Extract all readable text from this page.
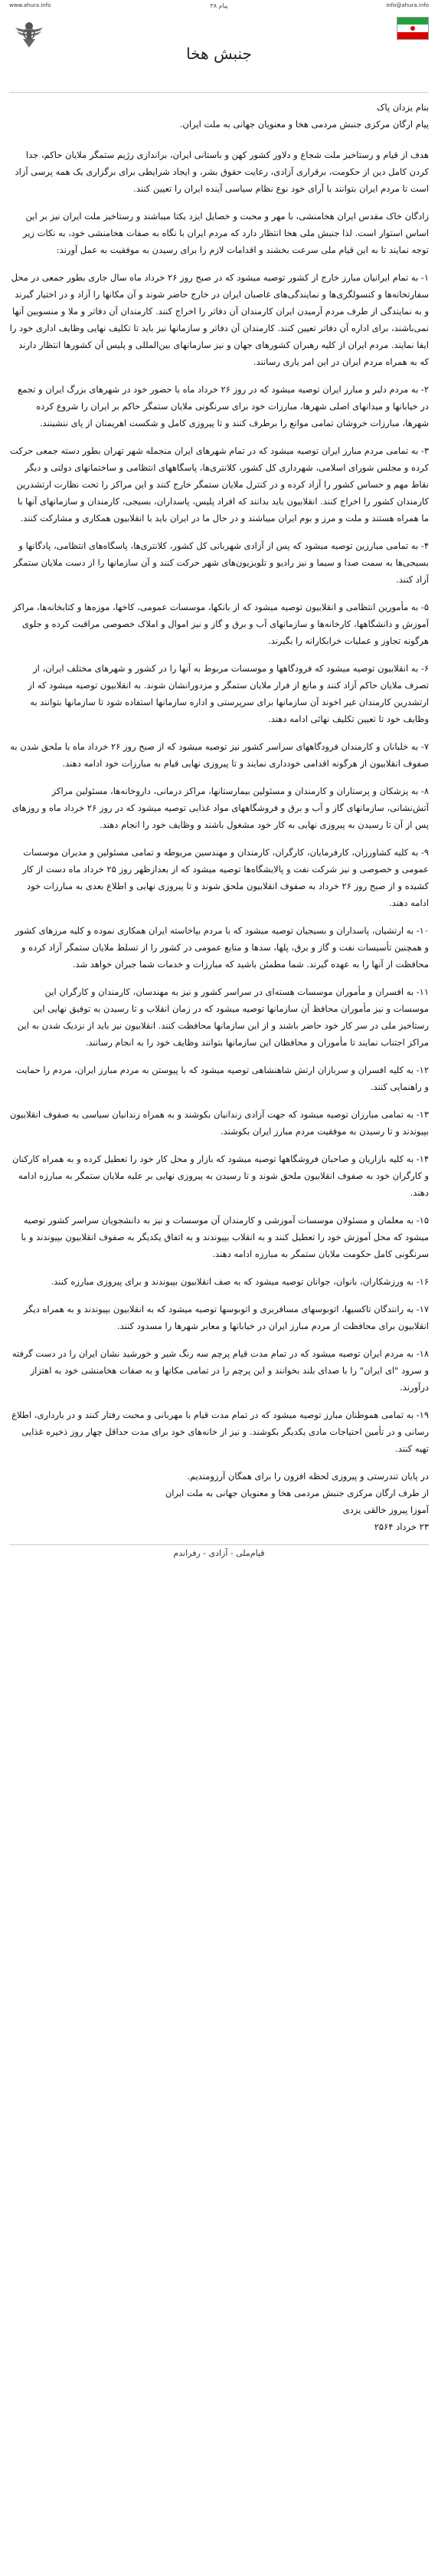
www.ahura.info	پیام ۳۸	info@ahura.info
جنبش هخا

بنام یزدان پاک

پیام ارگان مرکزی جنبش مردمی هخا و معنویان جهانی به ملت ایران.

هدف از قیام و رستاخیز ملت شجاع و دلاور کشور کهن و باستانی ایران، براندازی رژیم ستمگر ملایان حاکم، جدا کردن کامل دین از حکومت، برقراری آزادی، رعایت حقوق بشر، و ایجاد شرایطی برای برگزاری یک همه پرسی آزاد است تا مردم ایران بتوانند با آرای خود نوع نظام سیاسی آینده ایران را تعیین کنند.

زادگان خاک مقدس ایران هخامنشی، با مهر و محبت و خصایل ایزد یکتا میباشند و رستاخیز ملت ایران نیز بر این اساس استوار است. لذا جنبش ملی هخا انتظار دارد که مردم ایران با نگاه به صفات هخامنشی خود، به نکات زیر توجه نمایند تا به این قیام ملی سرعت بخشند و اقدامات لازم را برای رسیدن به موفقیت به عمل آورند:

۱- به تمام ایرانیان مبارز خارج از کشور توصیه میشود که در صبح روز ۲۶ خرداد ماه سال جاری بطور جمعی در محل سفارتخانه‌ها و کنسولگری‌ها و نمایندگی‌های غاصبان ایران در خارج حاضر شوند و آن مکانها را آزاد و در اختیار گیرند و به نمایندگی از طرف مردم آرمیدن ایران کارمندان آن دفاتر را اخراج کنند. کارمندان آن دفاتر و ملا و منسوبین آنها نمی‌باشند، برای اداره آن دفاتر تعیین کنند. کارمندان آن دفاتر و سازمانها نیز باید تا تکلیف نهایی وظایف اداری خود را ایفا نمایند. مردم ایران از کلیه رهبران کشورهای جهان و نیز سازمانهای بین‌المللی و پلیس آن کشورها انتظار دارند که به همراه مردم ایران در این امر یاری رسانند.

۲- به مردم دلیر و مبارز ایران توصیه میشود که در روز ۲۶ خرداد ماه با حضور خود در شهرهای بزرگ ایران و تجمع در خیابانها و میدانهای اصلی شهرها، مبارزات خود برای سرنگونی ملایان ستمگر حاکم بر ایران را شروع کرده شهرها، مبارزات خروشان تمامی موانع را برطرف کنند و تا پیروزی کامل و شکست اهریمنان از پای ننشینند.

۳- به تمامی مردم مبارز ایران توصیه میشود که در تمام شهرهای ایران منجمله شهر تهران بطور دسته جمعی حرکت کرده و مجلس شورای اسلامی، شهرداری کل کشور، کلانتری‌ها، پاسگاههای انتظامی و ساختمانهای دولتی و دیگر نقاط مهم و حساس کشور را آزاد کرده و در کنترل ملایان ستمگر خارج کنند و این مراکز را تحت نظارت ارتشدرین کارمندان کشور را اخراج کنند. انقلابیون باید بدانند که افراد پلیس، پاسداران، بسیجی، کارمندان و سازمانهای آنها با ما همراه هستند و ملت و مرز و بوم ایران میباشند و در حال ما در ایران باید با انقلابیون همکاری و مشارکت کنند.

۴- به تمامی مبارزین توصیه میشود که پس از آزادی شهربانی کل کشور، کلانتری‌ها، پاسگاه‌های انتظامی، پادگانها و بسیجی‌ها به سمت صدا و سیما و نیز راديو و تلويزيون‌های شهر حرکت کنند و آن سازمانها را از دست ملایان ستمگر آزاد کنند.

۵- به مأمورین انتظامی و انقلابیون توصیه میشود که از بانکها، موسسات عمومی، کاخها، موزه‌ها و کتابخانه‌ها، مراکز آموزش و دانشگاهها، کارخانه‌ها و سازمانهای آب و برق و گاز و نیز اموال و املاک خصوصی مراقبت کرده و جلوی هرگونه تجاوز و عملیات خرابکارانه را بگیرند.

۶- به انقلابیون توصیه میشود که فرودگاهها و موسسات مربوط به آنها را در کشور و شهرهای مختلف ایران، از تصرف ملایان حاکم آزاد کنند و مانع از فرار ملایان ستمگر و مزدورانشان شوند. به انقلابیون توصیه میشود که از ارتشدرین کارمندان غیر اخوند آن سازمانها برای سرپرستی و اداره سازمانها استفاده شود تا سازمانها بتوانند به وظایف خود تا تعیین تکلیف نهائی ادامه دهند.

۷- به خلبانان و کارمندان فرودگاههای سراسر کشور نیز توصیه میشود که از صبح روز ۲۶ خرداد ماه با ملحق شدن به صفوف انقلابیون از هرگونه اقدامی خودداری نمایند و تا پیروزی نهایی قیام به مبارزات خود ادامه دهند.

۸- به پزشکان و پرستاران و کارمندان و مسئولین بیمارستانها، مراکز درمانی، داروخانه‌ها، مسئولین مراکز آتش‌نشانی، سازمانهای گاز و آب و برق و فروشگاههای مواد غذایی توصیه میشود که در روز ۲۶ خرداد ماه و روزهای پس از آن تا رسیدن به پیروزی نهایی به کار خود مشغول باشند و وظایف خود را انجام دهند.

۹- به کلیه کشاورزان، کارفرمایان، کارگران، کارمندان و مهندسین مربوطه و تمامی مسئولین و مدیران موسسات عمومی و خصوصی و نیز شرکت نفت و پالایشگاه‌ها توصیه میشود که از بعدازظهر روز ۲۵ خرداد ماه دست از کار کشیده و از صبح روز ۲۶ خرداد به صفوف انقلابیون ملحق شوند و تا پیروزی نهایی و اطلاع بعدی به مبارزات خود ادامه دهند.

۱۰- به ارتشیان، پاسداران و بسیجیان توصیه میشود که با مردم بپاخاسته ایران همکاری نموده و کلیه مرزهای کشور و همچنین تأسیسات نفت و گاز و برق، پلها، سدها و منابع عمومی در کشور را از تسلط ملایان ستمگر آزاد کرده و محافظت از آنها را به عهده گیرند. شما مطمئن باشید که مبارزات و خدمات شما جبران خواهد شد.

۱۱- به افسران و مأموران موسسات هسته‌ای در سراسر کشور و نیز به مهندسان، کارمندان و کارگران این موسسات و نیز مأموران محافظ آن سازمانها توصیه میشود که در زمان انقلاب و تا رسیدن به توفیق نهایی این رستاخیز ملی در سر کار خود حاضر باشند و از این سازمانها محافظت کنند. انقلابیون نیز باید از نزدیک شدن به این مراکز اجتناب نمایند تا مأموران و محافظان این سازمانها بتوانند وظایف خود را به انجام رسانند.

۱۲- به کلیه افسران و سربازان ارتش شاهنشاهی توصیه میشود که با پیوستن به مردم مبارز ایران، مردم را حمایت و راهنمایی کنند.

۱۳- به تمامی مبارزان توصیه میشود که جهت آزادی زندانیان بکوشند و به همراه زندانیان سیاسی به صفوف انقلابیون بپیوندند و تا رسیدن به موفقیت مردم مبارز ایران بکوشند.

۱۴- به کلیه بازاریان و صاحبان فروشگاهها توصیه میشود که بازار و محل کار خود را تعطیل کرده و به همراه کارکنان و کارگران خود به صفوف انقلابیون ملحق شوند و تا رسیدن به پیروزی نهایی بر علیه ملایان ستمگر به مبارزه ادامه دهند.

۱۵- به معلمان و مسئولان موسسات آموزشی و کارمندان آن موسسات و نیز به دانشجویان سراسر کشور توصیه میشود که محل آموزش خود را تعطیل کنند و به انقلاب بپیوندند و به اتفاق یکدیگر به صفوف انقلابیون بپیوندند و با سرنگونی کامل حکومت ملایان ستمگر به مبارزه ادامه دهند.

۱۶- به ورزشکاران، بانوان، جوانان توصیه میشود که به صف انقلابیون بپیوندند و برای پیروزی مبارزه کنند.

۱۷- به رانندگان تاکسیها، اتوبوسهای مسافربری و اتوبوسها توصیه میشود که به انقلابیون بپیوندند و به همراه دیگر انقلابیون برای محافظت از مردم مبارز ایران در خیابانها و معابر شهرها را مسدود کنند.

۱۸- به مردم ایران توصیه میشود که در تمام مدت قیام پرچم سه رنگ شیر و خورشید نشان ایران را در دست گرفته و سرود "ای ایران" را با صدای بلند بخوانند و این پرچم را در تمامی مکانها و به صفات هخامنشی خود به اهتزاز درآورند.

۱۹- به تمامی هموطنان مبارز توصیه میشود که در تمام مدت قیام با مهربانی و محبت رفتار کنند و در بارداری، اطلاع رسانی و در تأمین احتیاجات مادی یکدیگر بکوشند. و نیز از خانه‌های خود برای مدت حداقل چهار روز ذخیره غذایی تهیه کنند.

در پایان تندرستی و پیروزی لحظه افزون را برای همگان آرزومندیم.

از طرف ارگان مرکزی جنبش مردمی هخا و معنویان جهانی به ملت ایران

آموزا پیروز خالقی یزدی

۲۳ خرداد ۲۵۶۴

قیام‌ملی - آزادی - رفراندم
